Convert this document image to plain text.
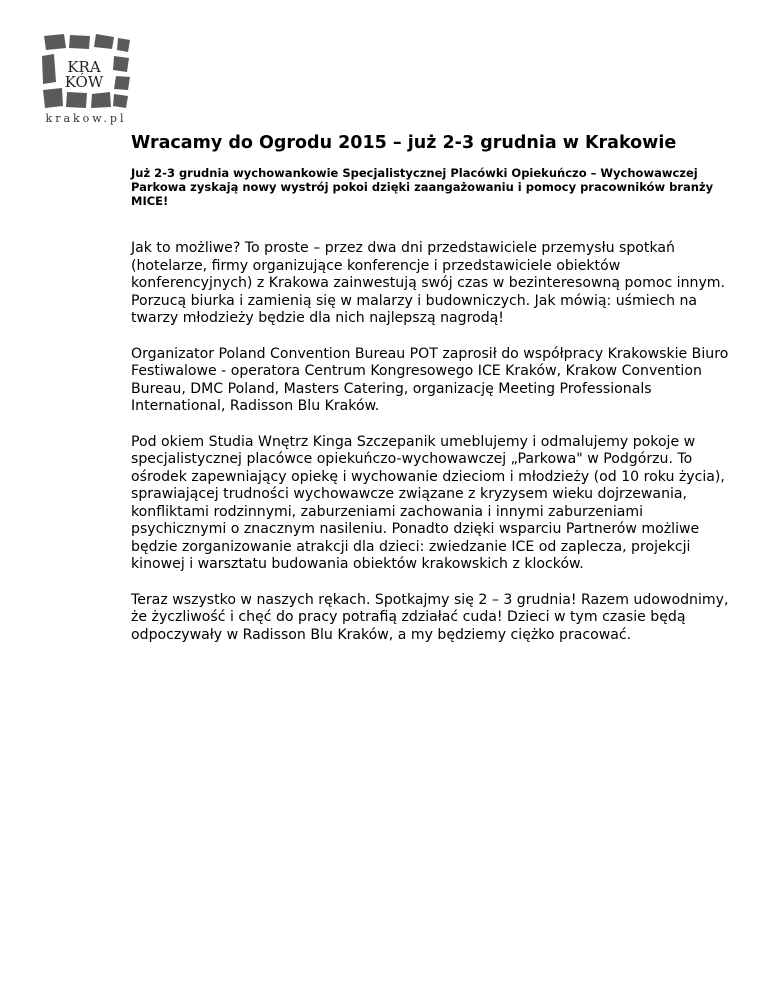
KRA
KÓW
krakow.pl
Wracamy do Ogrodu 2015 – już 2-3 grudnia w Krakowie

Już 2-3 grudnia wychowankowie Specjalistycznej Placówki Opiekuńczo – Wychowawczej Parkowa zyskają nowy wystrój pokoi dzięki zaangażowaniu i pomocy pracowników branży MICE!

Jak to możliwe? To proste – przez dwa dni przedstawiciele przemysłu spotkań (hotelarze, firmy organizujące konferencje i przedstawiciele obiektów konferencyjnych) z Krakowa zainwestują swój czas w bezinteresowną pomoc innym. Porzucą biurka i zamienią się w malarzy i budowniczych. Jak mówią: uśmiech na twarzy młodzieży będzie dla nich najlepszą nagrodą!

Organizator Poland Convention Bureau POT zaprosił do współpracy Krakowskie Biuro Festiwalowe - operatora Centrum Kongresowego ICE Kraków, Krakow Convention Bureau, DMC Poland, Masters Catering, organizację Meeting Professionals International, Radisson Blu Kraków.

Pod okiem Studia Wnętrz Kinga Szczepanik umeblujemy i odmalujemy pokoje w specjalistycznej placówce opiekuńczo-wychowawczej „Parkowa" w Podgórzu. To ośrodek zapewniający opiekę i wychowanie dzieciom i młodzieży (od 10 roku życia), sprawiającej trudności wychowawcze związane z kryzysem wieku dojrzewania, konfliktami rodzinnymi, zaburzeniami zachowania i innymi zaburzeniami psychicznymi o znacznym nasileniu. Ponadto dzięki wsparciu Partnerów możliwe będzie zorganizowanie atrakcji dla dzieci: zwiedzanie ICE od zaplecza, projekcji kinowej i warsztatu budowania obiektów krakowskich z klocków.

Teraz wszystko w naszych rękach. Spotkajmy się 2 – 3 grudnia! Razem udowodnimy, że życzliwość i chęć do pracy potrafią zdziałać cuda! Dzieci w tym czasie będą odpoczywały w Radisson Blu Kraków, a my będziemy ciężko pracować.
